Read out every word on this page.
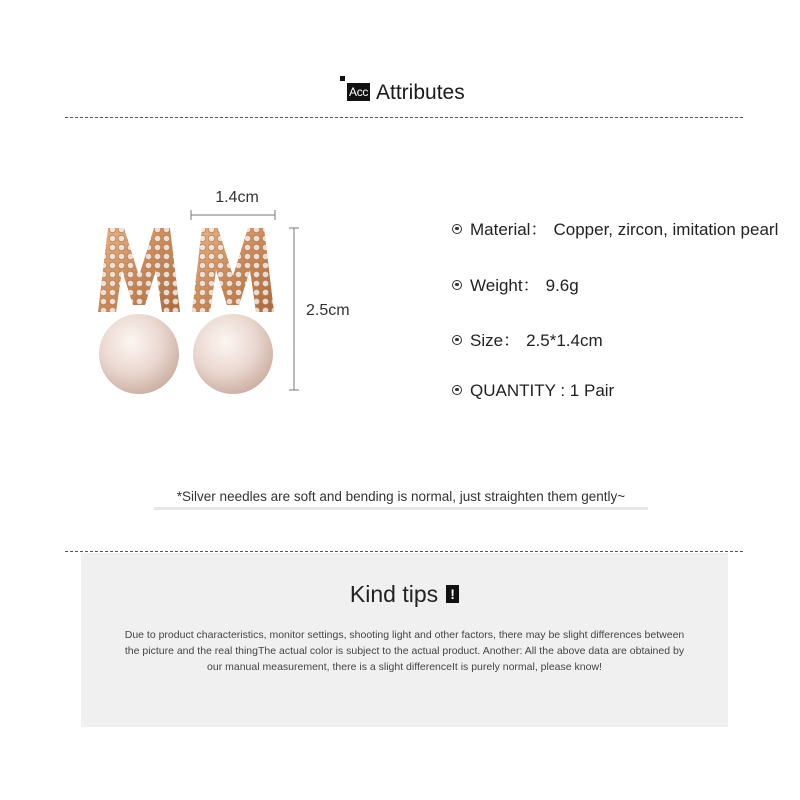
Acc Attributes
1.4cm
2.5cm
Material： Copper, zircon, imitation pearl
Weight： 9.6g
Size： 2.5*1.4cm
QUANTITY : 1 Pair
*Silver needles are soft and bending is normal, just straighten them gently~
Kind tips !
Due to product characteristics, monitor settings, shooting light and other factors, there may be slight differences between the picture and the real thingThe actual color is subject to the actual product. Another: All the above data are obtained by our manual measurement, there is a slight differenceIt is purely normal, please know!
